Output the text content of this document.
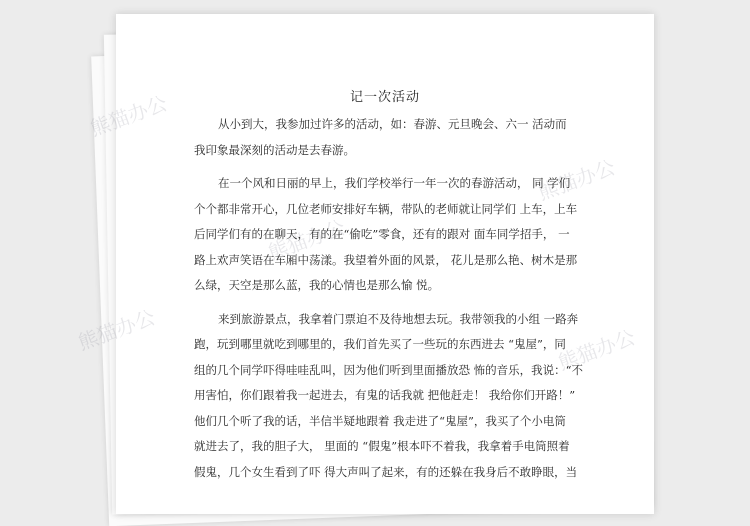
熊猫办公
熊猫办公
熊猫办公
熊猫办公
熊猫办公
记一次活动
从小到大，我参加过许多的活动，如：春游、元旦晚会、六一 活动而
我印象最深刻的活动是去春游。
在一个风和日丽的早上，我们学校举行一年一次的春游活动， 同 学们
个个都非常开心，几位老师安排好车辆，带队的老师就让同学们 上车，上车
后同学们有的在聊天，有的在“偷吃”零食，还有的跟对 面车同学招手， 一
路上欢声笑语在车厢中荡漾。我望着外面的风景， 花儿是那么艳、树木是那
么绿，天空是那么蓝，我的心情也是那么愉 悦。
来到旅游景点，我拿着门票迫不及待地想去玩。我带领我的小组 一路奔
跑，玩到哪里就吃到哪里的，我们首先买了一些玩的东西进去 “鬼屋”，同
组的几个同学吓得哇哇乱叫，因为他们听到里面播放恐 怖的音乐，我说：“不
用害怕，你们跟着我一起进去，有鬼的话我就 把他赶走！ 我给你们开路！”
他们几个听了我的话，半信半疑地跟着 我走进了“鬼屋”，我买了个小电筒
就进去了，我的胆子大， 里面的 “假鬼”根本吓不着我，我拿着手电筒照着
假鬼，几个女生看到了吓 得大声叫了起来，有的还躲在我身后不敢睁眼，当
